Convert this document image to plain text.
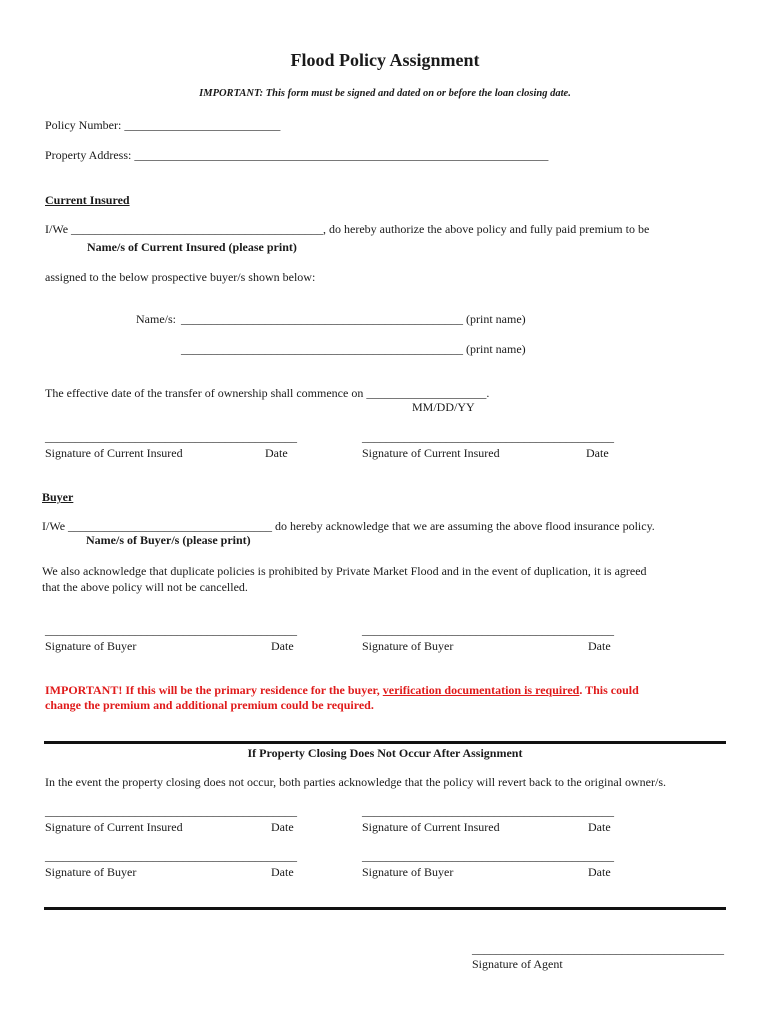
Flood Policy Assignment
IMPORTANT: This form must be signed and dated on or before the loan closing date.
Policy Number: __________________________
Property Address: _____________________________________________________________________
Current Insured
I/We __________________________________________, do hereby authorize the above policy and fully paid premium to be
Name/s of Current Insured (please print)
assigned to the below prospective buyer/s shown below:
Name/s: _______________________________________________ (print name)
_______________________________________________ (print name)
The effective date of the transfer of ownership shall commence on ____________________.
MM/DD/YY
__________________________________________
Signature of Current Insured	Date
__________________________________________
Signature of Current Insured	Date
Buyer
I/We __________________________________ do hereby acknowledge that we are assuming the above flood insurance policy.
Name/s of Buyer/s (please print)
We also acknowledge that duplicate policies is prohibited by Private Market Flood and in the event of duplication, it is agreed
that the above policy will not be cancelled.
__________________________________________
Signature of Buyer	Date
__________________________________________
Signature of Buyer	Date
IMPORTANT! If this will be the primary residence for the buyer, verification documentation is required. This could
change the premium and additional premium could be required.
If Property Closing Does Not Occur After Assignment
In the event the property closing does not occur, both parties acknowledge that the policy will revert back to the original owner/s.
__________________________________________
Signature of Current Insured	Date
__________________________________________
Signature of Current Insured	Date
__________________________________________
Signature of Buyer	Date
__________________________________________
Signature of Buyer	Date
__________________________________________
Signature of Agent
